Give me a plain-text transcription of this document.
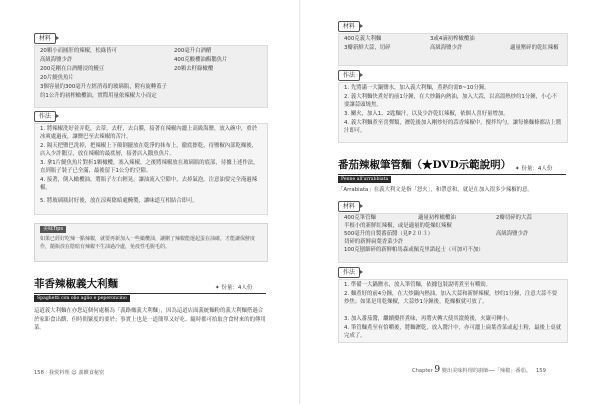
材料
20顆小而圓肝的辣椒，松綠皆可	200毫升白酒醋
高級海鹽少許	400克酸櫻油酶鵝魚片
200克剛在白酒醋浸的鰻豆	20顆去籽綠橄欖
20片鯷魚魚片
3個容量約300毫升左經消毒的玻璃瓶，附有旋轉蓋子
約1公升的初榨橄欖油，實際用量依辣椒大小而定
作法
1. 將辣椒洗好並弄乾，去蒂，去籽，去白膜，接著在辣椒內灑上高級海鹽，放入碗中，重於冰爽處過夜，讓鹽巴至去辣椒的苦汁。
2. 隔天把鹽巴洗掉，把辣椒上下顛倒擺放在乾淨的抹布上，徹底擦乾，待鹽椒內部乾燥後，店入少許鵝豆，放在辣椒的最底層，接著店入鵝魚魚片。
3. 拿1片鯷魚魚片對折1顆橄欖，塞入辣椒，之後將辣椒放在玻璃瓶的底部，待據上述作法，直到瓶子裝子已全滿，最後留下1公分的空隙。
4. 接著，倒入橄欖油，將瓶子左右輕晃，讓油流入空隙中，去掉氣泡，注意油要完全淹過辣椒。
5. 將玻璃瓶封好後，放在涼爽陰暗處醃製，讓味道互相結合即可。
美味Tips
如果已經好吃辣一點辣椒，就要再新加入一些橄欖油，讓剛了辣椒能運起蛋在油確，才能讓保鮮度作，隨瓶放在陰暗有辣椒不生油過冷處，免疫性毛脫毛的。
菲香辣椒義大利麵
Spaghetti con olio aglio e peperoncino
✦ 份量：4人份
這道義大利麵在亦您這個何處稱為「義路橄義大利麵」，因為這道店面義統麵粉的義大利麵搭過合於家鉅食出饌，但時間緊度的要於；事實上也是一道簡單又好吃、隨時都可拾取含食材來的的傳用菜。
158 我愛料理 ☺ 義饌食秘密
材料
400克義大利麵	3或4滴初榨橄欖油
3瓣新鮮大蒜，切碎	高級海鹽少許	適量壓碎的乾紅辣椒
作法
1. 先將滿一大鍋鹽水，加入義大利麵，煮熟約需8~10分鐘。
2. 義大利麵快煮好的前1分鐘，在大炒鍋內熱油，加入大蒜，以高溫熱炒約1分鐘，小心不要讓蒜頭燒焦。
3. 關火，加入1、2匙麵汁，以及少許乾紅辣椒，依個人喜好量增加。
4. 義大利麵煮至喜彈類，瀝乾後加入剛炒好的蒜香辣椒中，攪拌均勻，讓每條麵條都沾上醬汁即可。
番茄辣椒筆管麵（★DVD示範說明）
Penne all'arrabbiata
✦ 份量：4人份
「Arrabiata」在義大利文是指「怒火」，和帶意和，就是在加入很多少辣椒的意。
材料
400克筆管麵	適量初榨橄欖油	2瓣切碎的大蒜
半根小的新鮮紅辣椒，或是適量的乾燥紅辣椒
500毫升的自製番茄醬（見P２０３）	高級海鹽少許
切碎的新鮮扁葉香菜少許
100克刨細碎的新鮮帕馬森或佩克里諾起士（可加可不加）
作法
1. 準備一大鍋鹽水，放入筆管麵，依據包裝說明煮至有嚼勁。
2. 麵煮好的前4分鐘，在大炒鍋內熱油，加入大蒜和新鮮辣椒，炒約1分鐘，注意大蒜不要炒焦；如果是用乾燥椒，大蒜炒1分鐘後，乾燥椒就可放了。
3. 加入番茄醬，繼續攪拌煮味，再將火轉大使其滾燒後，火嚴可轉小。
4. 筆管麵煮至有恰嚼後，將麵瀝乾，放入醬汁中，亦可灑上扁葉香菜或起士粉，最後上桌就完成了。
Chapter 9 變出美味料理的廚師──「辣椒」番茄。 159
